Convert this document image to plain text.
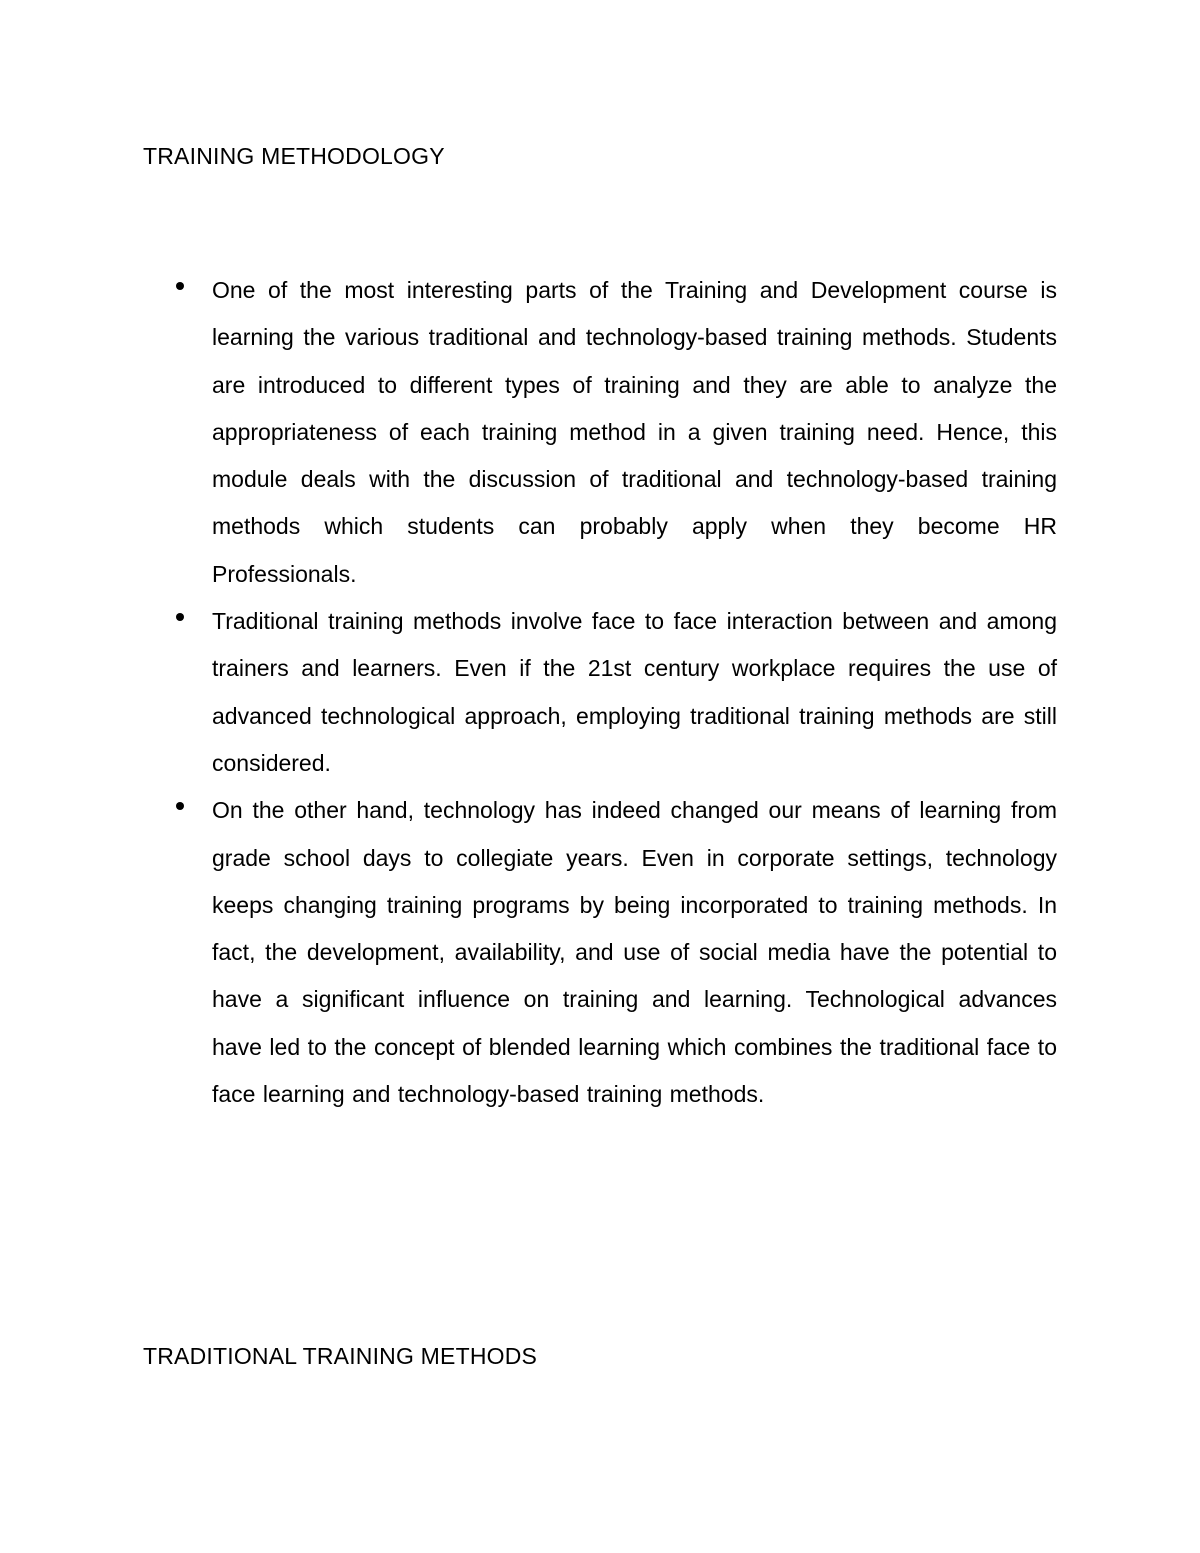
TRAINING METHODOLOGY
One of the most interesting parts of the Training and Development course is learning the various traditional and technology-based training methods. Students are introduced to different types of training and they are able to analyze the appropriateness of each training method in a given training need. Hence, this module deals with the discussion of traditional and technology-based training methods which students can probably apply when they become HR Professionals.
Traditional training methods involve face to face interaction between and among trainers and learners. Even if the 21st century workplace requires the use of advanced technological approach, employing traditional training methods are still considered.
On the other hand, technology has indeed changed our means of learning from grade school days to collegiate years. Even in corporate settings, technology keeps changing training programs by being incorporated to training methods. In fact, the development, availability, and use of social media have the potential to have a significant influence on training and learning. Technological advances have led to the concept of blended learning which combines the traditional face to face learning and technology-based training methods.
TRADITIONAL TRAINING METHODS
